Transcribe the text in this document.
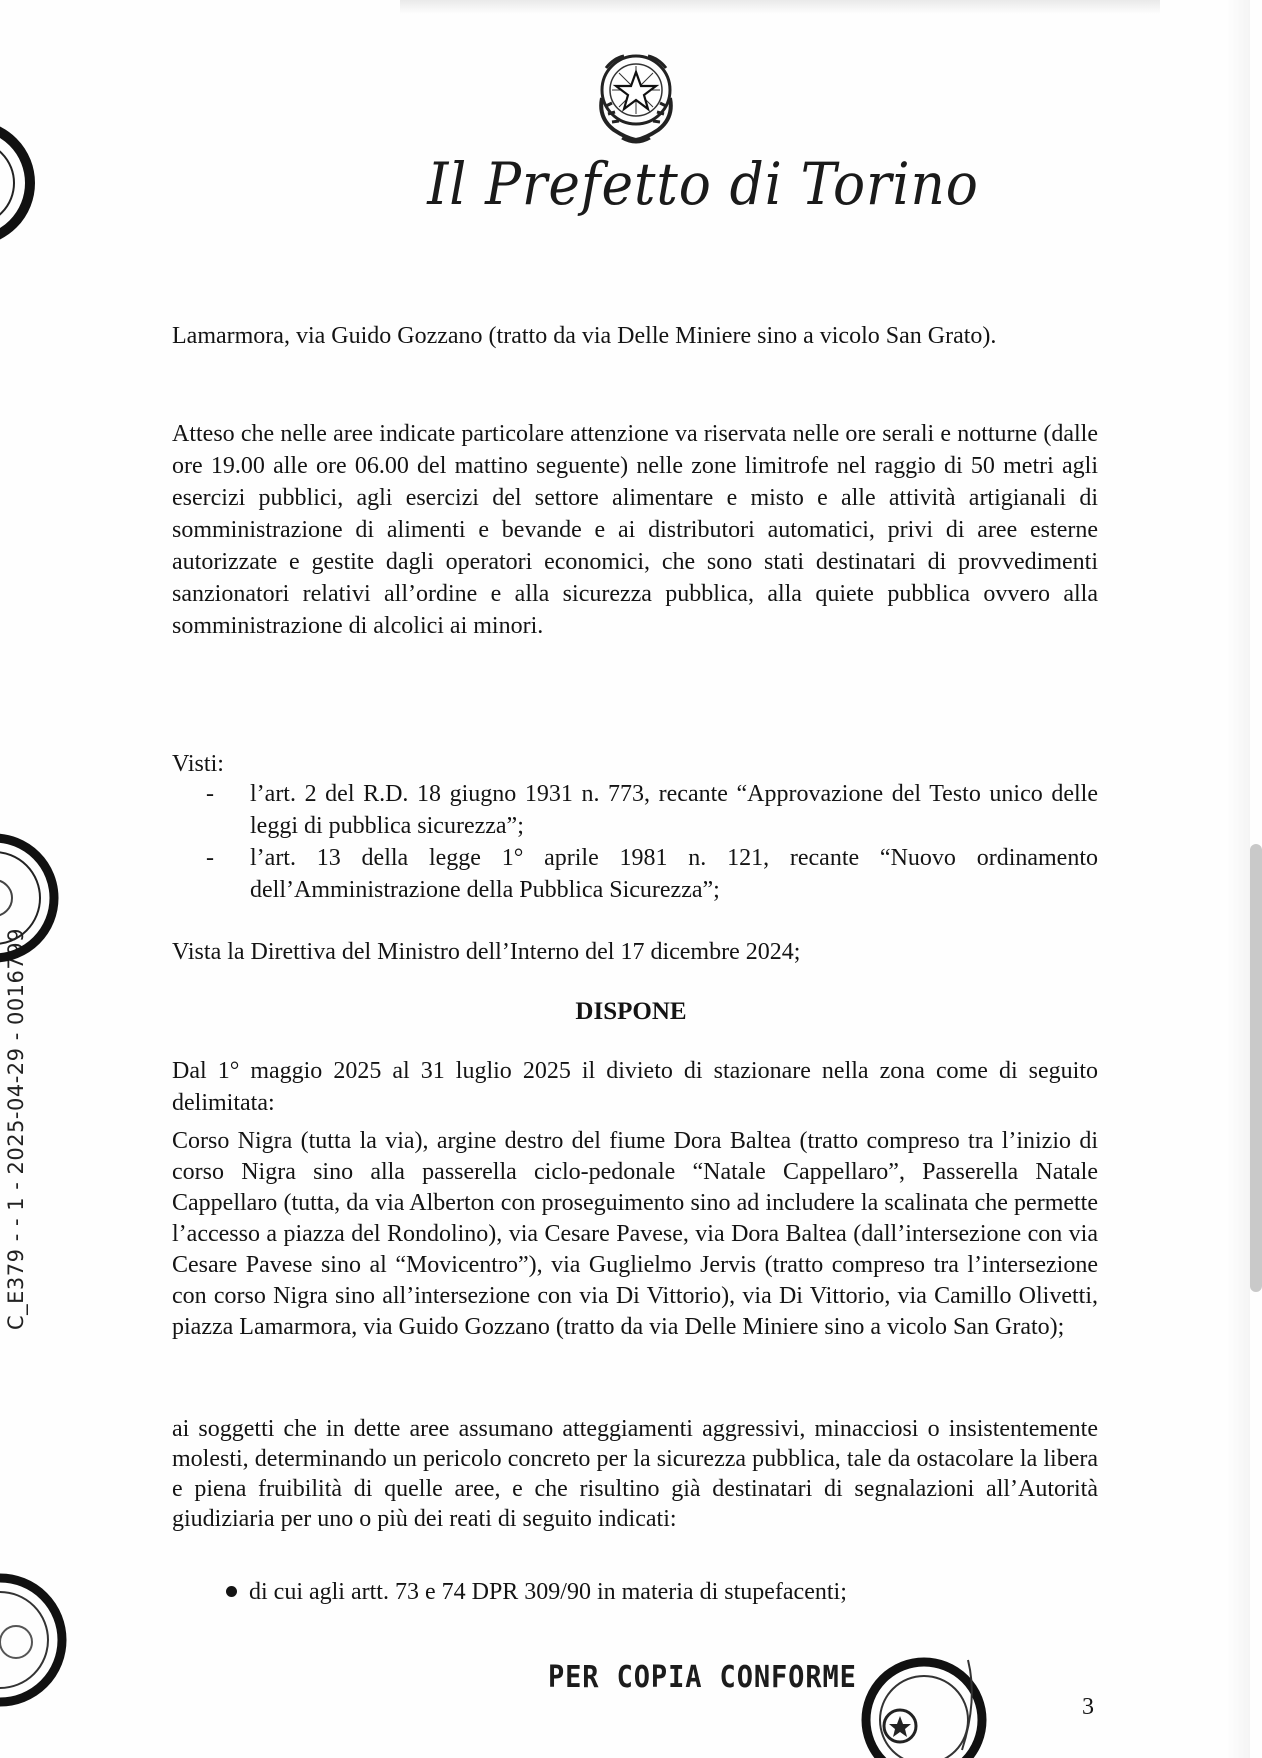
Il Prefetto di Torino

Lamarmora, via Guido Gozzano (tratto da via Delle Miniere sino a vicolo San Grato).

Atteso che nelle aree indicate particolare attenzione va riservata nelle ore serali e notturne (dalle ore 19.00 alle ore 06.00 del mattino seguente) nelle zone limitrofe nel raggio di 50 metri agli esercizi pubblici, agli esercizi del settore alimentare e misto e alle attività artigianali di somministrazione di alimenti e bevande e ai distributori automatici, privi di aree esterne autorizzate e gestite dagli operatori economici, che sono stati destinatari di provvedimenti sanzionatori relativi all’ordine e alla sicurezza pubblica, alla quiete pubblica ovvero alla somministrazione di alcolici ai minori.

Visti:

-	l’art. 2 del R.D. 18 giugno 1931 n. 773, recante “Approvazione del Testo unico delle leggi di pubblica sicurezza”;
-	l’art. 13 della legge 1° aprile 1981 n. 121, recante “Nuovo ordinamento dell’Amministrazione della Pubblica Sicurezza”;

Vista la Direttiva del Ministro dell’Interno del 17 dicembre 2024;

DISPONE

Dal 1° maggio 2025 al 31 luglio 2025 il divieto di stazionare nella zona come di seguito delimitata:

Corso Nigra (tutta la via), argine destro del fiume Dora Baltea (tratto compreso tra l’inizio di corso Nigra sino alla passerella ciclo-pedonale “Natale Cappellaro”, Passerella Natale Cappellaro (tutta, da via Alberton con proseguimento sino ad includere la scalinata che permette l’accesso a piazza del Rondolino), via Cesare Pavese, via Dora Baltea (dall’intersezione con via Cesare Pavese sino al “Movicentro”), via Guglielmo Jervis (tratto compreso tra l’intersezione con corso Nigra sino all’intersezione con via Di Vittorio), via Di Vittorio, via Camillo Olivetti, piazza Lamarmora, via Guido Gozzano (tratto da via Delle Miniere sino a vicolo San Grato);

ai soggetti che in dette aree assumano atteggiamenti aggressivi, minacciosi o insistentemente molesti, determinando un pericolo concreto per la sicurezza pubblica, tale da ostacolare la libera e piena fruibilità di quelle aree, e che risultino già destinatari di segnalazioni all’Autorità giudiziaria per uno o più dei reati di seguito indicati:

di cui agli artt. 73 e 74 DPR 309/90 in materia di stupefacenti;
PER COPIA CONFORME
3
C_E379 - - 1 - 2025-04-29 - 0016799
